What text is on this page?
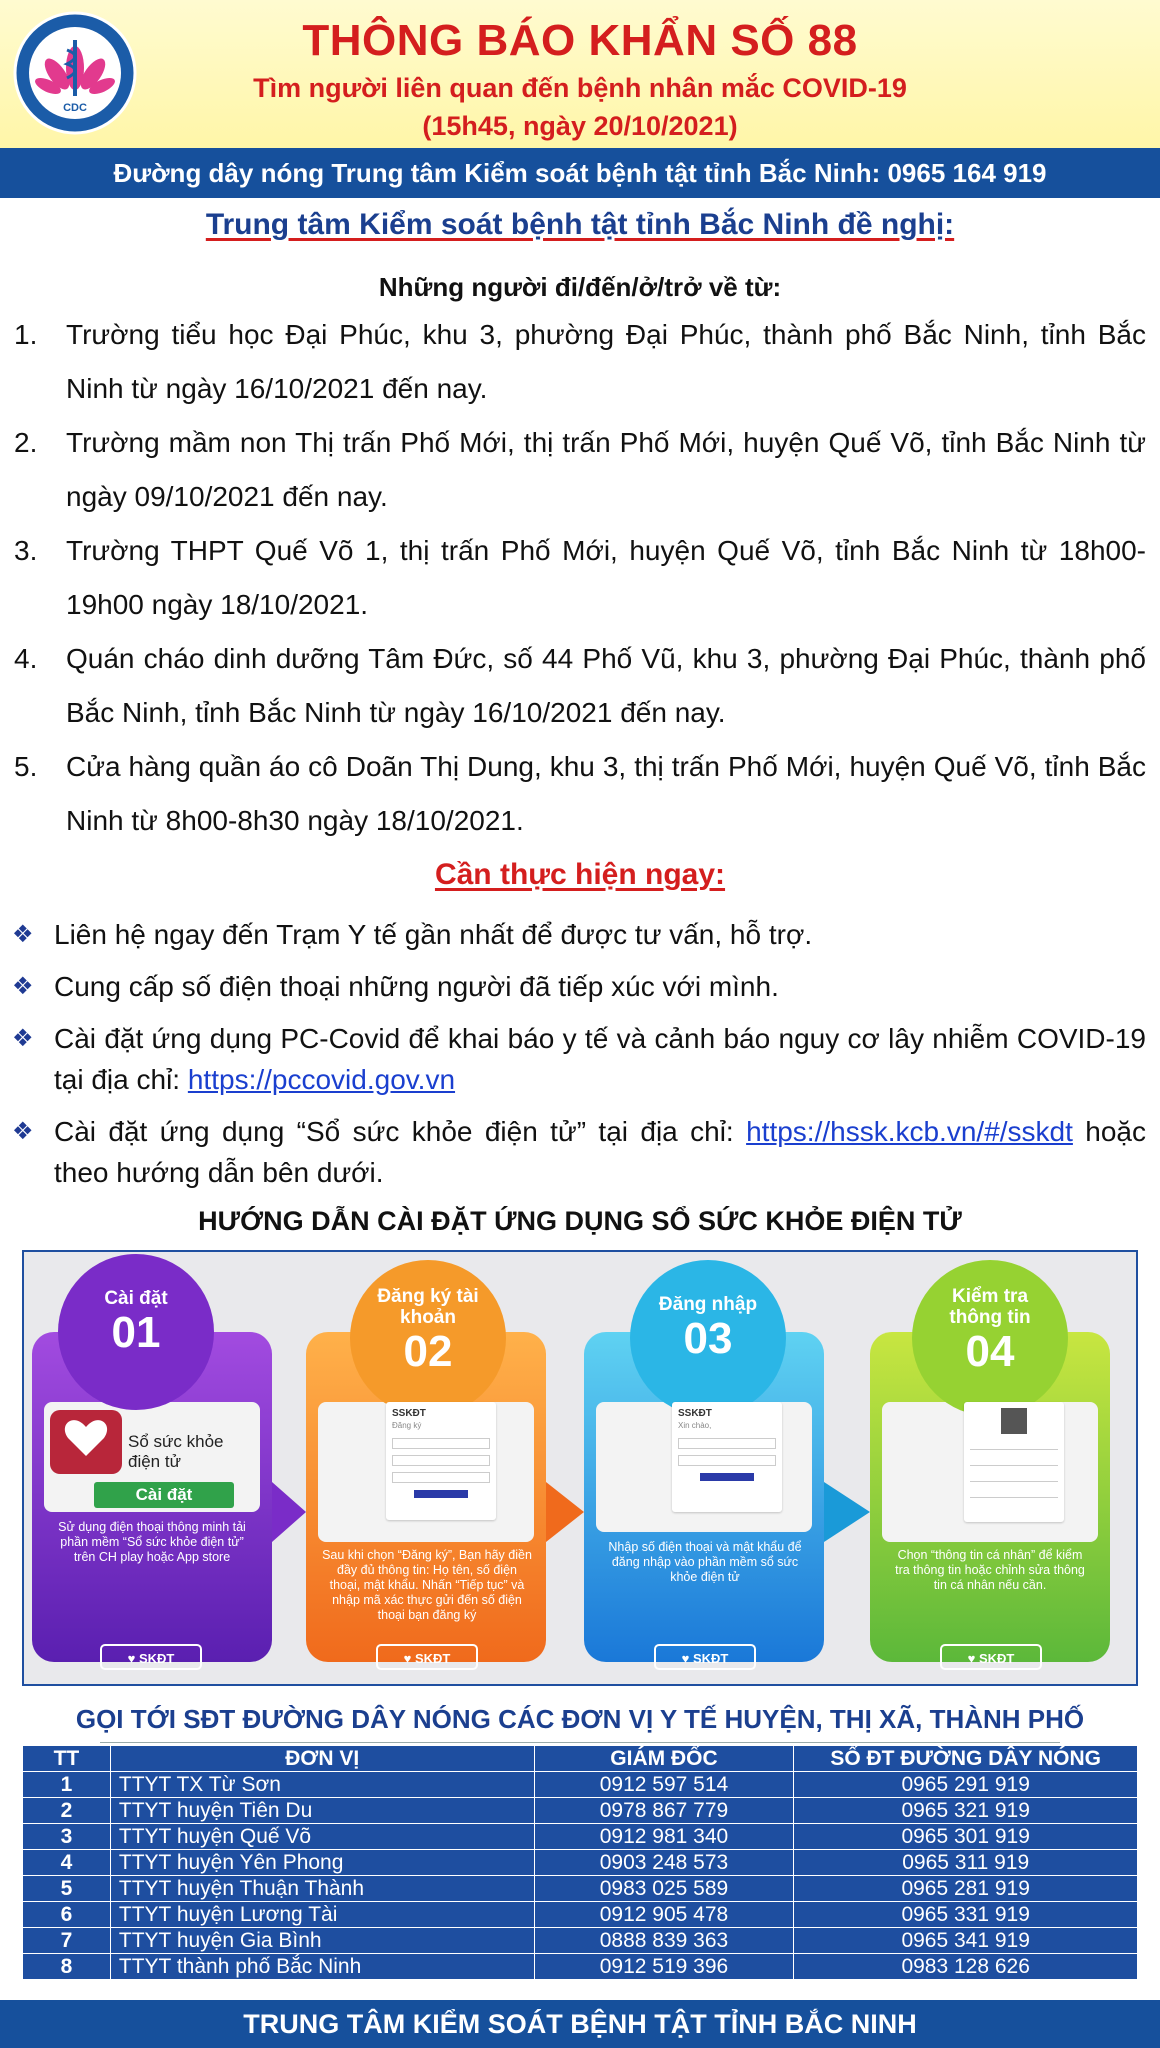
CDC
THÔNG BÁO KHẨN SỐ 88
Tìm người liên quan đến bệnh nhân mắc COVID-19
(15h45, ngày 20/10/2021)
Đường dây nóng Trung tâm Kiểm soát bệnh tật tỉnh Bắc Ninh: 0965 164 919
Trung tâm Kiểm soát bệnh tật tỉnh Bắc Ninh đề nghị:
Những người đi/đến/ở/trở về từ:
1. Trường tiểu học Đại Phúc, khu 3, phường Đại Phúc, thành phố Bắc Ninh, tỉnh Bắc Ninh từ ngày 16/10/2021 đến nay.
2. Trường mầm non Thị trấn Phố Mới, thị trấn Phố Mới, huyện Quế Võ, tỉnh Bắc Ninh từ ngày 09/10/2021 đến nay.
3. Trường THPT Quế Võ 1, thị trấn Phố Mới, huyện Quế Võ, tỉnh Bắc Ninh từ 18h00-19h00 ngày 18/10/2021.
4. Quán cháo dinh dưỡng Tâm Đức, số 44 Phố Vũ, khu 3, phường Đại Phúc, thành phố Bắc Ninh, tỉnh Bắc Ninh từ ngày 16/10/2021 đến nay.
5. Cửa hàng quần áo cô Doãn Thị Dung, khu 3, thị trấn Phố Mới, huyện Quế Võ, tỉnh Bắc Ninh từ 8h00-8h30 ngày 18/10/2021.
Cần thực hiện ngay:
❖ Liên hệ ngay đến Trạm Y tế gần nhất để được tư vấn, hỗ trợ.
❖ Cung cấp số điện thoại những người đã tiếp xúc với mình.
❖ Cài đặt ứng dụng PC-Covid để khai báo y tế và cảnh báo nguy cơ lây nhiễm COVID-19 tại địa chỉ: https://pccovid.gov.vn
❖ Cài đặt ứng dụng “Sổ sức khỏe điện tử” tại địa chỉ: https://hssk.kcb.vn/#/sskdt hoặc theo hướng dẫn bên dưới.
HƯỚNG DẪN CÀI ĐẶT ỨNG DỤNG SỔ SỨC KHỎE ĐIỆN TỬ
Cài đặt
01
Đăng ký tài khoản
02
Đăng nhập
03
Kiểm tra thông tin
04
Sổ sức khỏe điện tử
Cài đặt
SSKĐT
Đăng ký
SSKĐT
Xin chào,
Sử dụng điện thoại thông minh tải phần mềm “Sổ sức khỏe điện tử” trên CH play hoặc App store	Sau khi chọn “Đăng ký”, Bạn hãy điền đầy đủ thông tin: Họ tên, số điện thoại, mật khẩu. Nhấn “Tiếp tục” và nhập mã xác thực gửi đến số điện thoại bạn đăng ký
Nhập số điện thoại và mật khẩu để đăng nhập vào phần mềm sổ sức khỏe điện tử
Chọn “thông tin cá nhân” để kiểm tra thông tin hoặc chỉnh sửa thông tin cá nhân nếu cần.
♥ SKĐT	♥ SKĐT	♥ SKĐT	♥ SKĐT
GỌI TỚI SĐT ĐƯỜNG DÂY NÓNG CÁC ĐƠN VỊ Y TẾ HUYỆN, THỊ XÃ, THÀNH PHỐ
TT	ĐƠN VỊ	GIÁM ĐỐC	SỐ ĐT ĐƯỜNG DÂY NÓNG
1	TTYT TX Từ Sơn	0912 597 514	0965 291 919
2	TTYT huyện Tiên Du	0978 867 779	0965 321 919
3	TTYT huyện Quế Võ	0912 981 340	0965 301 919
4	TTYT huyện Yên Phong	0903 248 573	0965 311 919
5	TTYT huyện Thuận Thành	0983 025 589	0965 281 919
6	TTYT huyện Lương Tài	0912 905 478	0965 331 919
7	TTYT huyện Gia Bình	0888 839 363	0965 341 919
8	TTYT thành phố Bắc Ninh	0912 519 396	0983 128 626
TRUNG TÂM KIỂM SOÁT BỆNH TẬT TỈNH BẮC NINH
